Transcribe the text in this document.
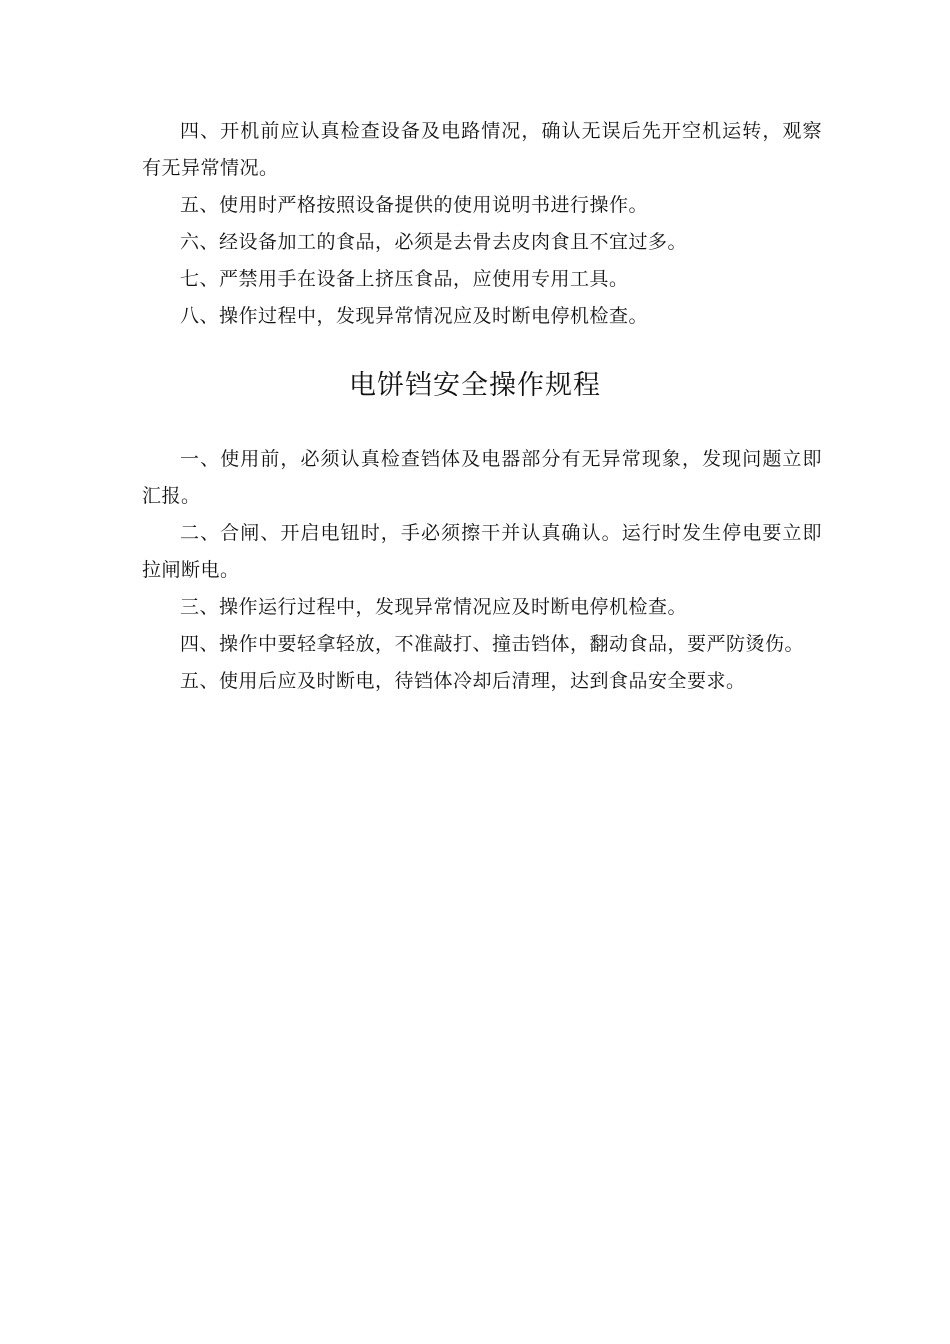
四、开机前应认真检查设备及电路情况，确认无误后先开空机运转，观察有无异常情况。

五、使用时严格按照设备提供的使用说明书进行操作。

六、经设备加工的食品，必须是去骨去皮肉食且不宜过多。

七、严禁用手在设备上挤压食品，应使用专用工具。

八、操作过程中，发现异常情况应及时断电停机检查。

电饼铛安全操作规程

一、使用前，必须认真检查铛体及电器部分有无异常现象，发现问题立即汇报。

二、合闸、开启电钮时，手必须擦干并认真确认。运行时发生停电要立即拉闸断电。

三、操作运行过程中，发现异常情况应及时断电停机检查。

四、操作中要轻拿轻放，不准敲打、撞击铛体，翻动食品，要严防烫伤。

五、使用后应及时断电，待铛体冷却后清理，达到食品安全要求。
